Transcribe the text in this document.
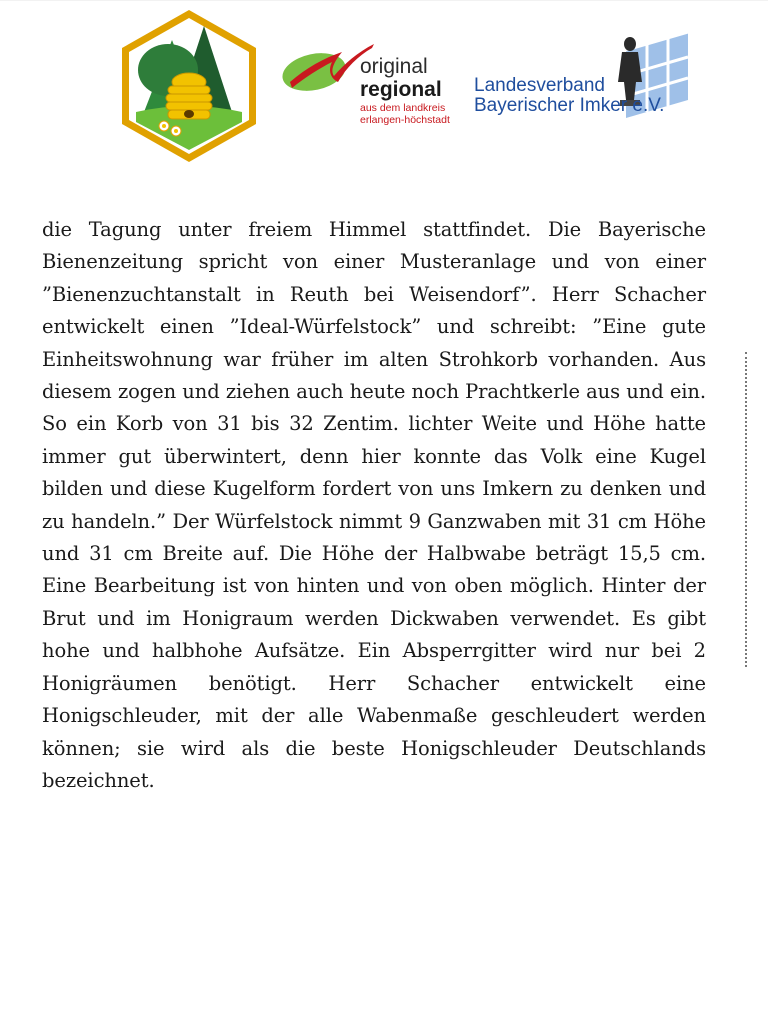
original
regional
aus dem landkreis
erlangen-höchstadt
Landesverband
Bayerischer Imker e.V.
die Tagung unter freiem Himmel stattfindet. Die Bayerische Bienenzeitung spricht von einer Musteranlage und von einer ”Bienenzuchtanstalt in Reuth bei Weisendorf”. Herr Schacher entwickelt einen ”Ideal-Würfelstock” und schreibt: ”Eine gute Einheitswohnung war früher im alten Strohkorb vorhanden. Aus diesem zogen und ziehen auch heute noch Prachtkerle aus und ein. So ein Korb von 31 bis 32 Zentim. lichter Weite und Höhe hatte immer gut überwintert, denn hier konnte das Volk eine Kugel bilden und diese Kugelform fordert von uns Imkern zu denken und zu handeln.” Der Würfelstock nimmt 9 Ganzwaben mit 31 cm Höhe und 31 cm Breite auf. Die Höhe der Halbwabe beträgt 15,5 cm. Eine Bearbeitung ist von hinten und von oben möglich. Hinter der Brut und im Honigraum werden Dickwaben verwendet. Es gibt hohe und halbhohe Aufsätze. Ein Absperrgitter wird nur bei 2 Honigräumen benötigt. Herr Schacher entwickelt eine Honigschleuder, mit der alle Wabenmaße geschleudert werden können; sie wird als die beste Honigschleuder Deutschlands bezeichnet.
